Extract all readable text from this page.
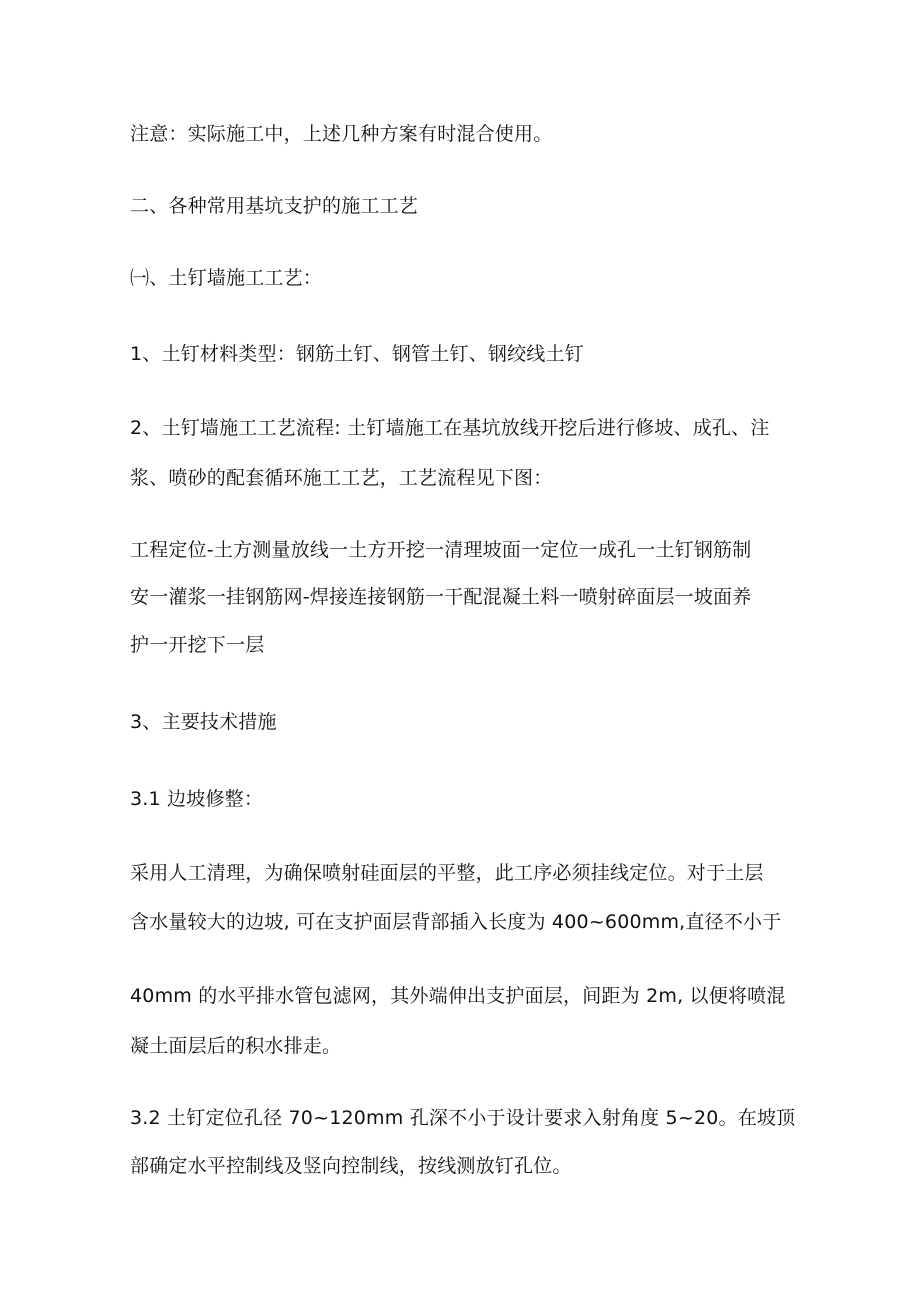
注意：实际施工中，上述几种方案有时混合使用。
二、各种常用基坑支护的施工工艺
㈠、土钉墙施工工艺：
1、土钉材料类型：钢筋土钉、钢管土钉、钢绞线土钉
2、土钉墙施工工艺流程: 土钉墙施工在基坑放线开挖后进行修坡、成孔、注
浆、喷砂的配套循环施工工艺，工艺流程见下图：
工程定位-土方测量放线一土方开挖一清理坡面一定位一成孔一土钉钢筋制
安一灌浆一挂钢筋网-焊接连接钢筋一干配混凝土料一喷射碎面层一坡面养
护一开挖下一层
3、主要技术措施
3.1 边坡修整：
采用人工清理，为确保喷射硅面层的平整，此工序必须挂线定位。对于土层
含水量较大的边坡, 可在支护面层背部插入长度为 400~600mm,直径不小于
40mm 的水平排水管包滤网，其外端伸出支护面层，间距为 2m, 以便将喷混
凝土面层后的积水排走。
3.2 土钉定位孔径 70~120mm 孔深不小于设计要求入射角度 5~20。在坡顶
部确定水平控制线及竖向控制线，按线测放钉孔位。
